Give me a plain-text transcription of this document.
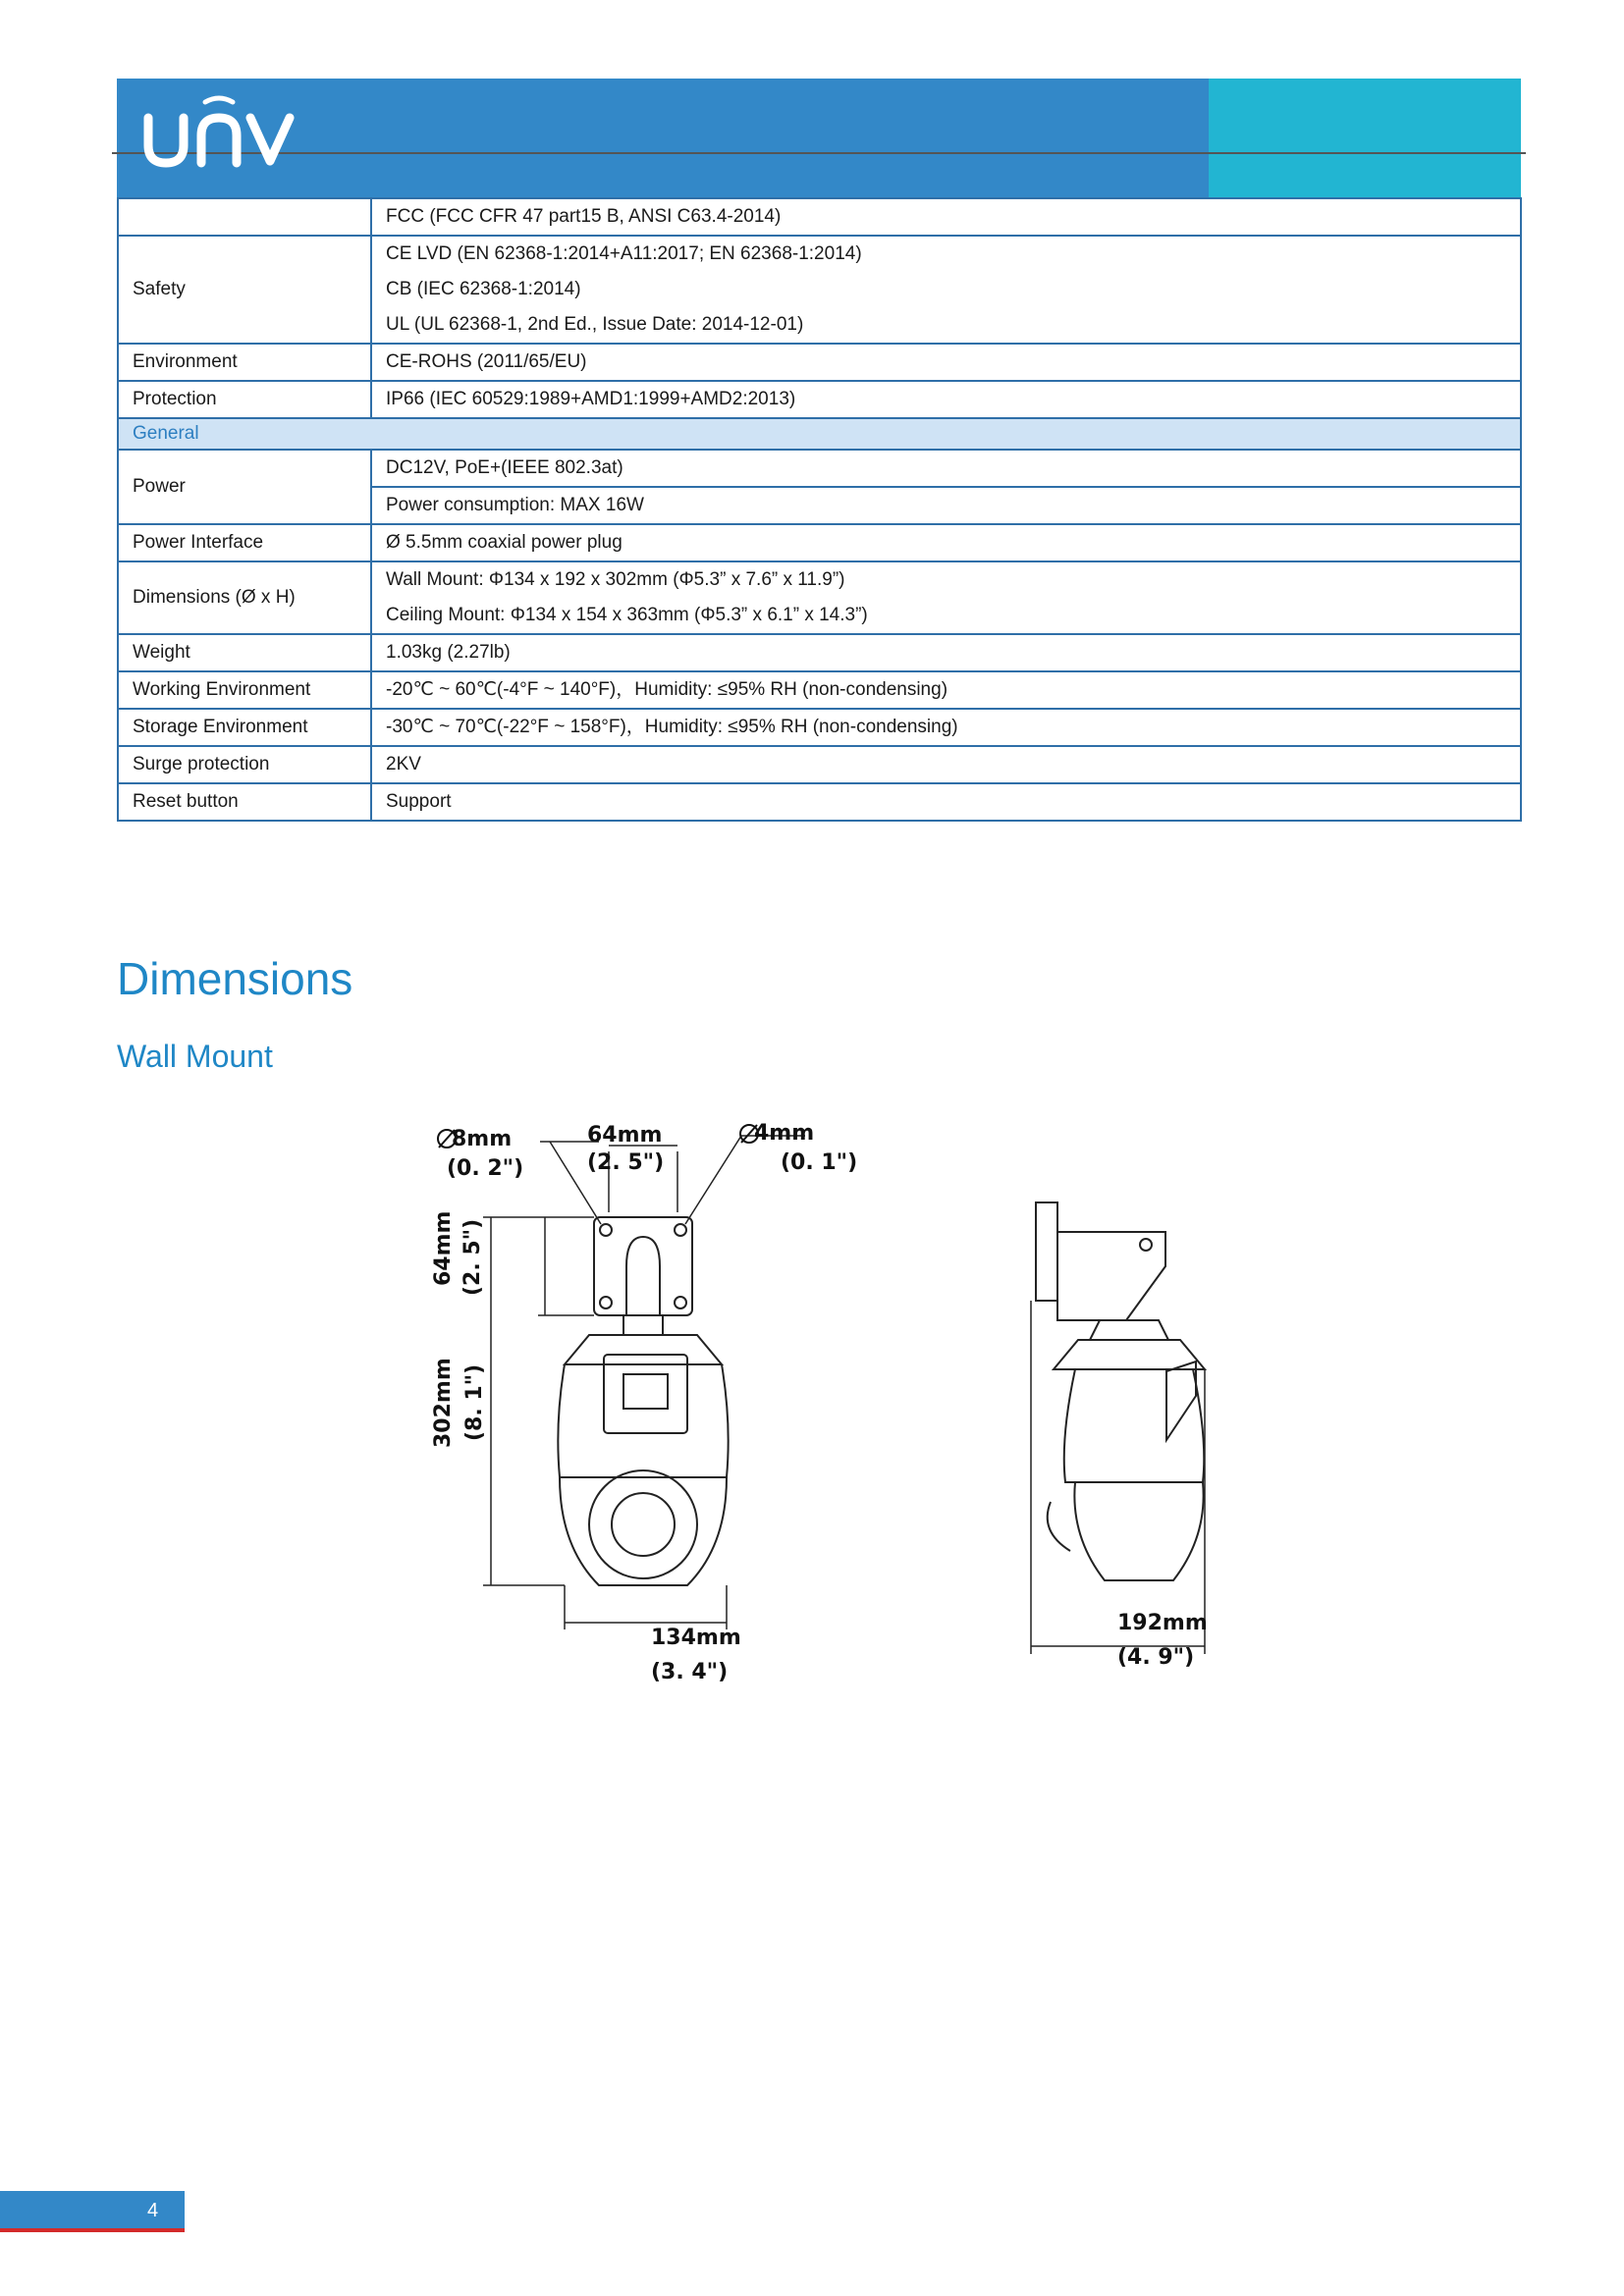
DATASHEET

	FCC (FCC CFR 47 part15 B, ANSI C63.4-2014)

Safety	CE LVD (EN 62368-1:2014+A11:2017; EN 62368-1:2014)
CB (IEC 62368-1:2014)
UL (UL 62368-1, 2nd Ed., Issue Date: 2014-12-01)

Environment	CE-ROHS (2011/65/EU)

Protection	IP66 (IEC 60529:1989+AMD1:1999+AMD2:2013)

General	
Power	DC12V, PoE+(IEEE 802.3at)
Power consumption: MAX 16W

Power Interface	Ø 5.5mm coaxial power plug

Dimensions (Ø x H)	Wall Mount: Φ134 x 192 x 302mm (Φ5.3” x 7.6” x 11.9”)
Ceiling Mount: Φ134 x 154 x 363mm (Φ5.3” x 6.1” x 14.3”)

Weight	1.03kg (2.27lb)

Working Environment	-20℃ ~ 60℃(-4°F ~ 140°F)，Humidity: ≤95% RH (non-condensing)

Storage Environment	-30℃ ~ 70℃(-22°F ~ 158°F)，Humidity: ≤95% RH (non-condensing)

Surge protection	2KV

Reset button	Support
Dimensions
Wall Mount
64mm
(2. 5")
8mm
(0. 2")
4mm
(0. 1")
134mm
(3. 4")
192mm
(4. 9")
302mm (8. 1")
64mm (2. 5")
4
